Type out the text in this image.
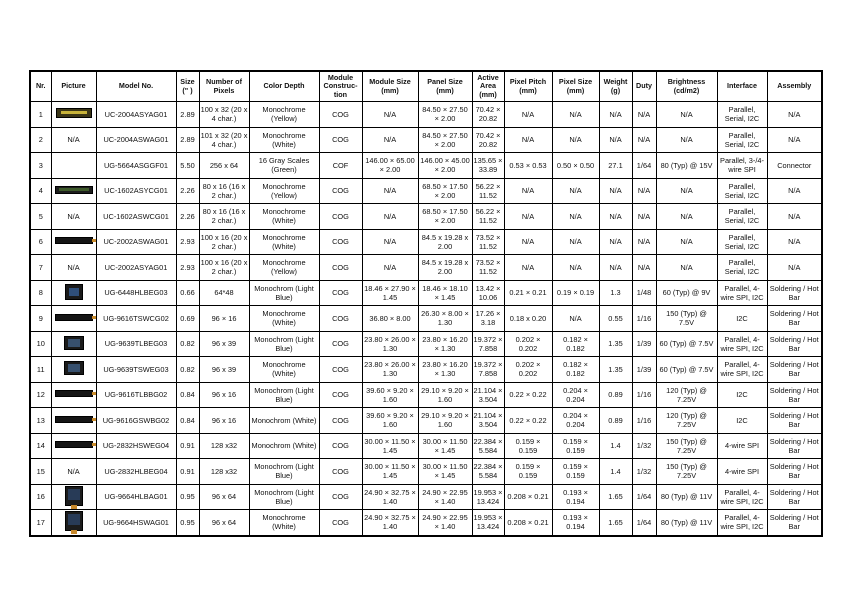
Nr.	Picture	Model No.	Size (" )	Number of Pixels	Color Depth	Module Construc-tion	Module Size (mm)	Panel Size (mm)	Active Area (mm)	Pixel Pitch (mm)	Pixel Size (mm)	Weight (g)	Duty	Brightness (cd/m2)	Interface	Assembly
1		UC-2004ASYAG01	2.89	100 x 32 (20 x 4 char.)	Monochrome (Yellow)	COG	N/A	84.50 × 27.50 × 2.00	70.42 × 20.82	N/A	N/A	N/A	N/A	N/A	Parallel, Serial, I2C	N/A
2	N/A	UC-2004ASWAG01	2.89	101 x 32 (20 x 4 char.)	Monochrome (White)	COG	N/A	84.50 × 27.50 × 2.00	70.42 × 20.82	N/A	N/A	N/A	N/A	N/A	Parallel, Serial, I2C	N/A
3		UG-5664ASGGF01	5.50	256 x 64	16 Gray Scales (Green)	COF	146.00 × 65.00 × 2.00	146.00 × 45.00 × 2.00	135.65 × 33.89	0.53 × 0.53	0.50 × 0.50	27.1	1/64	80 (Typ) @ 15V	Parallel, 3-/4-wire SPI	Connector
4		UC-1602ASYCG01	2.26	80 x 16 (16 x 2 char.)	Monochrome (Yellow)	COG	N/A	68.50 × 17.50 × 2.00	56.22 × 11.52	N/A	N/A	N/A	N/A	N/A	Parallel, Serial, I2C	N/A
5	N/A	UC-1602ASWCG01	2.26	80 x 16 (16 x 2 char.)	Monochrome (White)	COG	N/A	68.50 × 17.50 × 2.00	56.22 × 11.52	N/A	N/A	N/A	N/A	N/A	Parallel, Serial, I2C	N/A
6		UC-2002ASWAG01	2.93	100 x 16 (20 x 2 char.)	Monochrome (White)	COG	N/A	84.5 x 19.28 x 2.00	73.52 × 11.52	N/A	N/A	N/A	N/A	N/A	Parallel, Serial, I2C	N/A
7	N/A	UC-2002ASYAG01	2.93	100 x 16 (20 x 2 char.)	Monochrome (Yellow)	COG	N/A	84.5 x 19.28 x 2.00	73.52 × 11.52	N/A	N/A	N/A	N/A	N/A	Parallel, Serial, I2C	N/A
8		UG-6448HLBEG03	0.66	64*48	Monochrom (Light Blue)	COG	18.46 × 27.90 × 1.45	18.46 × 18.10 × 1.45	13.42 × 10.06	0.21 × 0.21	0.19 × 0.19	1.3	1/48	60 (Typ) @ 9V	Parallel, 4-wire SPI, I2C	Soldering / Hot Bar
9		UG-9616TSWCG02	0.69	96 × 16	Monochrome (White)	COG	36.80 × 8.00	26.30 × 8.00 × 1.30	17.26 × 3.18	0.18 x 0.20	N/A	0.55	1/16	150 (Typ) @ 7.5V	I2C	Soldering / Hot Bar
10		UG-9639TLBEG03	0.82	96 x 39	Monochrom (Light Blue)	COG	23.80 × 26.00 × 1.30	23.80 × 16.20 × 1.30	19.372 × 7.858	0.202 × 0.202	0.182 × 0.182	1.35	1/39	60 (Typ) @ 7.5V	Parallel, 4-wire SPI, I2C	Soldering / Hot Bar
11		UG-9639TSWEG03	0.82	96 x 39	Monochrome (White)	COG	23.80 × 26.00 × 1.30	23.80 × 16.20 × 1.30	19.372 × 7.858	0.202 × 0.202	0.182 × 0.182	1.35	1/39	60 (Typ) @ 7.5V	Parallel, 4-wire SPI, I2C	Soldering / Hot Bar
12		UG-9616TLBBG02	0.84	96 x 16	Monochrom (Light Blue)	COG	39.60 × 9.20 × 1.60	29.10 × 9.20 × 1.60	21.104 × 3.504	0.22 × 0.22	0.204 × 0.204	0.89	1/16	120 (Typ) @ 7.25V	I2C	Soldering / Hot Bar
13		UG-9616GSWBG02	0.84	96 x 16	Monochrom (White)	COG	39.60 × 9.20 × 1.60	29.10 × 9.20 × 1.60	21.104 × 3.504	0.22 × 0.22	0.204 × 0.204	0.89	1/16	120 (Typ) @ 7.25V	I2C	Soldering / Hot Bar
14		UG-2832HSWEG04	0.91	128 x32	Monochrom (White)	COG	30.00 × 11.50 × 1.45	30.00 × 11.50 × 1.45	22.384 × 5.584	0.159 × 0.159	0.159 × 0.159	1.4	1/32	150 (Typ) @ 7.25V	4-wire SPI	Soldering / Hot Bar
15	N/A	UG-2832HLBEG04	0.91	128 x32	Monochrom (Light Blue)	COG	30.00 × 11.50 × 1.45	30.00 × 11.50 × 1.45	22.384 × 5.584	0.159 × 0.159	0.159 × 0.159	1.4	1/32	150 (Typ) @ 7.25V	4-wire SPI	Soldering / Hot Bar
16		UG-9664HLBAG01	0.95	96 x 64	Monochrom (Light Blue)	COG	24.90 × 32.75 × 1.40	24.90 × 22.95 × 1.40	19.953 × 13.424	0.208 × 0.21	0.193 × 0.194	1.65	1/64	80 (Typ) @ 11V	Parallel, 4-wire SPI, I2C	Soldering / Hot Bar
17		UG-9664HSWAG01	0.95	96 x 64	Monochrome (White)	COG	24.90 × 32.75 × 1.40	24.90 × 22.95 × 1.40	19.953 × 13.424	0.208 × 0.21	0.193 × 0.194	1.65	1/64	80 (Typ) @ 11V	Parallel, 4-wire SPI, I2C	Soldering / Hot Bar
